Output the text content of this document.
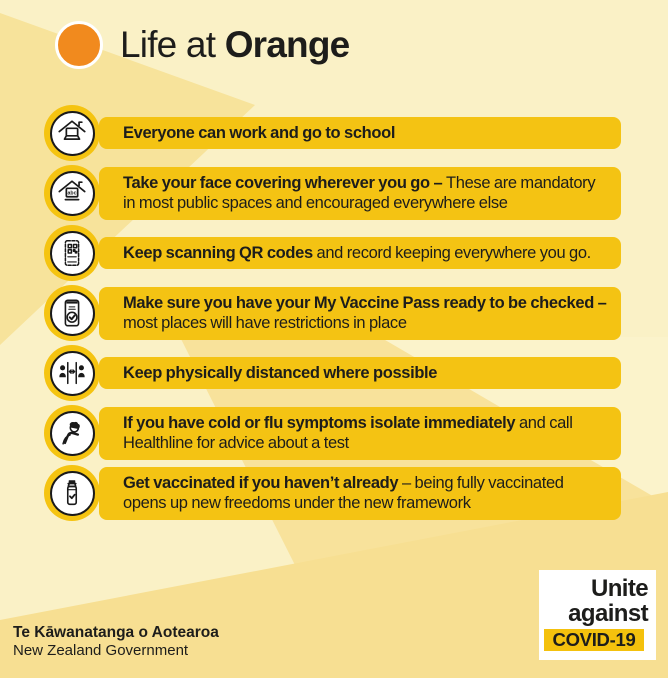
Life at Orange
Everyone can work and go to school
abc
Take your face covering wherever you go – These are mandatory in most public spaces and encouraged everywhere else
Keep scanning QR codes and record keeping everywhere you go.
Make sure you have your My Vaccine Pass ready to be checked – most places will have restrictions in place
Keep physically distanced where possible
If you have cold or flu symptoms isolate immediately and call Healthline for advice about a test
Get vaccinated if you haven’t already – being fully vaccinated opens up new freedoms under the new framework
Te Kāwanatanga o Aotearoa
New Zealand Government
Unite
against
COVID-19
